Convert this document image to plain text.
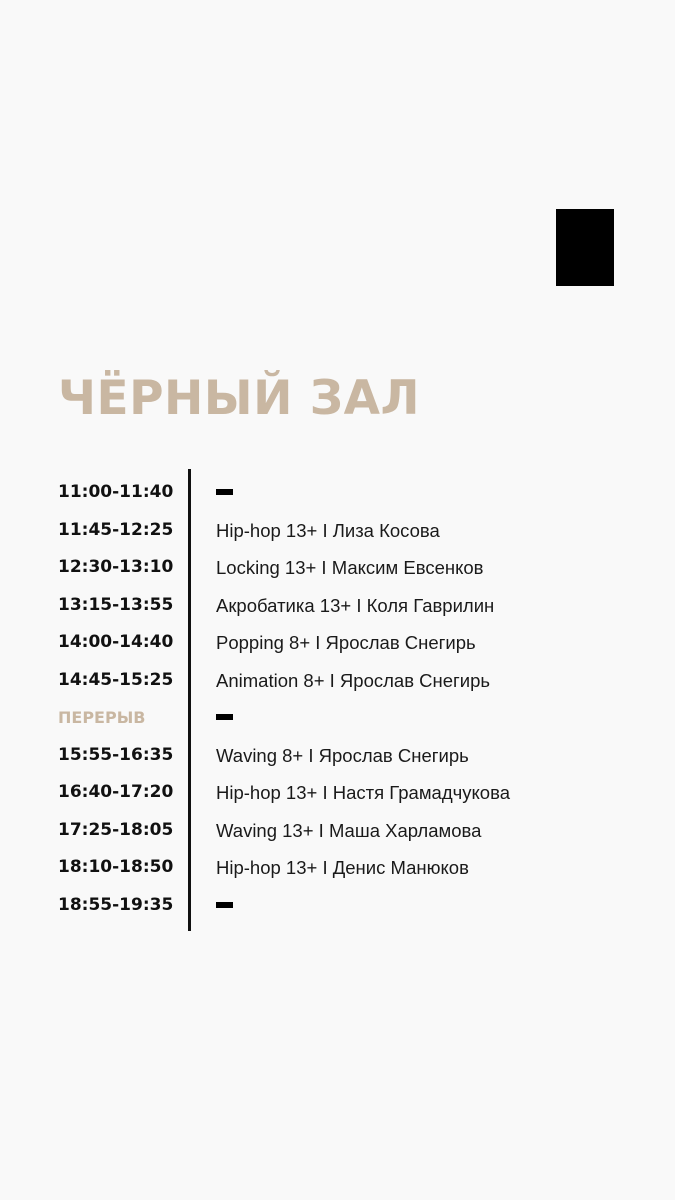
ЧЁРНЫЙ ЗАЛ
11:00-11:40
11:45-12:25 Hip-hop 13+ I Лиза Косова
12:30-13:10 Locking 13+ I Максим Евсенков
13:15-13:55 Акробатика 13+ I Коля Гаврилин
14:00-14:40 Popping 8+ I Ярослав Снегирь
14:45-15:25 Animation 8+ I Ярослав Снегирь
ПЕРЕРЫВ
15:55-16:35 Waving 8+ I Ярослав Снегирь
16:40-17:20 Hip-hop 13+ I Настя Грамадчукова
17:25-18:05 Waving 13+ I Маша Харламова
18:10-18:50 Hip-hop 13+ I Денис Манюков
18:55-19:35
